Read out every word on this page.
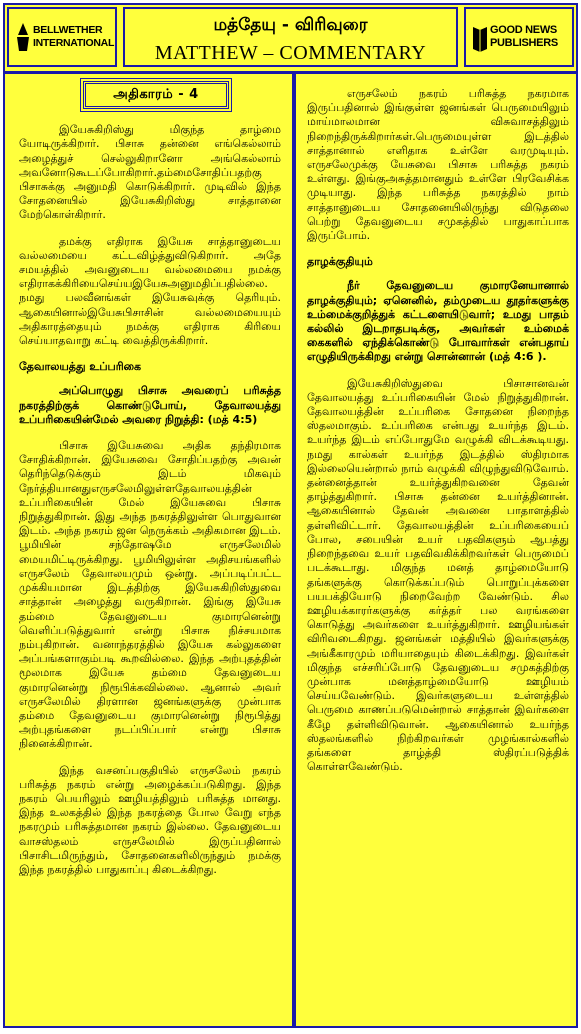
BELLWETHER
INTERNATIONAL
மத்தேயு - விரிவுரை
MATTHEW – COMMENTARY
GOOD NEWS
PUBLISHERS
அதிகாரம் - 4

இயேசுகிறிஸ்து மிகுந்த தாழ்மை யோடிருக்கிறார். பிசாசு தன்னை எங்கெல்லாம் அழைத்துச் செல்லுகிறானோ அங்கெல்லாம் அவனோடுகூடப்போகிறார்.தம்மைசோதிப்பதற்கு பிசாசுக்கு அனுமதி கொடுக்கிறார். முடிவில் இந்த சோதனையில் இயேசுகிறிஸ்து சாத்தானை மேற்கொள்கிறார்.

தமக்கு எதிராக இயேசு சாத்தானுடைய வல்லமையை கட்டவிழ்த்துவிடுகிறார். அதே சமயத்தில் அவனுடைய வல்லமையை நமக்கு எதிராகக்கிரியைசெய்யஇயேசுஅனுமதிப்பதில்லை. நமது பலவீனங்கள் இயேசுவுக்கு தெரியும். ஆகையினால்இயேசுபிசாசின் வல்லமையையும் அதிகாரத்தையும் நமக்கு எதிராக கிரியை செய்யாதவாறு கட்டி வைத்திருக்கிறார்.

தேவாலயத்து உப்பரிகை

அப்பொழுது பிசாசு அவரைப் பரிசுத்த நகரத்திற்குக் கொண்டுபோய், தேவாலயத்து உப்பரிகையின்மேல் அவரை நிறுத்தி: (மத் 4:5)

பிசாசு இயேசுவை அதிக தந்திரமாக சோதிக்கிறான். இயேசுவை சோதிப்பதற்கு அவன் தெரிந்தெடுக்கும் இடம் மிகவும் நேர்த்தியானதுஎருசலேமிலுள்ளதேவாலயத்தின் உப்பரிகையின் மேல் இயேசுவை பிசாசு நிறுத்துகிறான். இது அந்த நகரத்திலுள்ள பொதுவான இடம். அந்த நகரம் ஜன நெருக்கம் அதிகமான இடம். பூமியின் சந்தோஷமே எருசலேமில் மையமிட்டிருக்கிறது. பூமியிலுள்ள அதிசயங்களில் எருசலேம் தேவாலயமும் ஒன்று. அப்படிப்பட்ட முக்கியமான இடத்திற்கு இயேசுகிறிஸ்துவை சாத்தான் அழைத்து வருகிறான். இங்கு இயேசு தம்மை தேவனுடைய குமாரனென்று வெளிப்படுத்துவார் என்று பிசாசு நிச்சயமாக நம்புகிறான். வனாந்தரத்தில் இயேசு கல்லுகளை அப்பங்களாகும்படி கூறவில்லை. இந்த அற்புதத்தின் மூலமாக இயேசு தம்மை தேவனுடைய குமாரனென்று நிரூபிக்கவில்லை. ஆனால் அவர் எருசலேமில் திரளான ஜனங்களுக்கு முன்பாக தம்மை தேவனுடைய குமாரனென்று நிரூபித்து அற்புதங்களை நடப்பிப்பார் என்று பிசாசு நினைக்கிறான்.

இந்த வசனப்பகுதியில் எருசலேம் நகரம் பரிசுத்த நகரம் என்று அழைக்கப்படுகிறது. இந்த நகரம் பெயரிலும் ஊழியத்திலும் பரிசுத்த மானது. இந்த உலகத்தில் இந்த நகரத்தை போல வேறு எந்த நகரமும் பரிசுத்தமான நகரம் இல்லை. தேவனுடைய வாசஸ்தலம் எருசலேமில் இருப்பதினால் பிசாசிடமிருந்தும், சோதனைகளிலிருந்தும் நமக்கு இந்த நகரத்தில் பாதுகாப்பு கிடைக்கிறது.

எருசலேம் நகரம் பரிசுத்த நகரமாக இருப்பதினால் இங்குள்ள ஜனங்கள் பெருமையிலும் மாய்மாலமான விசுவாசத்திலும் நிறைந்திருக்கிறார்கள்.பெருமையுள்ள இடத்தில் சாத்தானால் எளிதாக உள்ளே வரமுடியும். எருசலேமுக்கு யேசுவை பிசாசு பரிசுத்த நகரம் உள்ளது. இங்குஅசுத்தமானதும் உள்ளே பிரவேசிக்க முடியாது. இந்த பரிசுத்த நகரத்தில் நாம் சாத்தானுடைய சோதனையிலிருந்து விடுதலை பெற்று தேவனுடைய சமுகத்தில் பாதுகாப்பாக இருப்போம்.

தாழக்குதியும்

நீர் தேவனுடைய குமாரனேயானால் தாழக்குதியும்; ஏனெனில், தம்முடைய தூதர்களுக்கு உம்மைக்குறித்துக் கட்டளையிடுவார்; உமது பாதம் கல்லில் இடறாதபடிக்கு, அவர்கள் உம்மைக் கைகளில் ஏந்திக்கொண்டு போவார்கள் என்பதாய் எழுதியிருக்கிறது என்று சொன்னான் (மத் 4:6 ).

இயேசுகிறிஸ்துவை பிசாசானவன் தேவாலயத்து உப்பரிகையின் மேல் நிறுத்துகிறான். தேவாலயத்தின் உப்பரிகை சோதனை நிறைந்த ஸ்தலமாகும். உப்பரிகை என்பது உயர்ந்த இடம். உயர்ந்த இடம் எப்போதுமே வழுக்கி விடக்கூடியது. நமது கால்கள் உயர்ந்த இடத்தில் ஸ்திரமாக இல்லையென்றால் நாம் வழுக்கி விழுந்துவிடுவோம். தன்னைத்தான் உயர்த்துகிறவனை தேவன் தாழ்த்துகிறார். பிசாசு தன்னை உயர்த்தினான். ஆகையினால் தேவன் அவனை பாதாளத்தில் தள்ளிவிட்டார். தேவாலயத்தின் உப்பரிகையைப் போல, சபையின் உயர் பதவிகளும் ஆபத்து நிறைந்தவை உயர் பதவிவகிக்கிறவர்கள் பெருமைப் படக்கூடாது. மிகுந்த மனத் தாழ்மையோடு தங்களுக்கு கொடுக்கப்படும் பொறுப்புக்களை பயபக்தியோடு நிறைவேற்ற வேண்டும். சில ஊழியக்காரர்களுக்கு கர்த்தர் பல வரங்களை கொடுத்து அவர்களை உயர்த்துகிறார். ஊழியங்கள் விரிவடைகிறது. ஜனங்கள் மத்தியில் இவர்களுக்கு அங்கீகாரமும் மரியாதையும் கிடைக்கிறது. இவர்கள் மிகுந்த எச்சரிப்போடு தேவனுடைய சமுகத்திற்கு முன்பாக மனத்தாழ்மையோடு ஊழியம் செய்யவேண்டும். இவர்களுடைய உள்ளத்தில் பெருமை காணப்படுமென்றால் சாத்தான் இவர்களை கீழே தள்ளிவிடுவான். ஆகையினால் உயர்ந்த ஸ்தலங்களில் நிற்கிறவர்கள் முழங்கால்களில் தங்களை தாழ்த்தி ஸ்திரப்படுத்திக் கொள்ளவேண்டும்.
